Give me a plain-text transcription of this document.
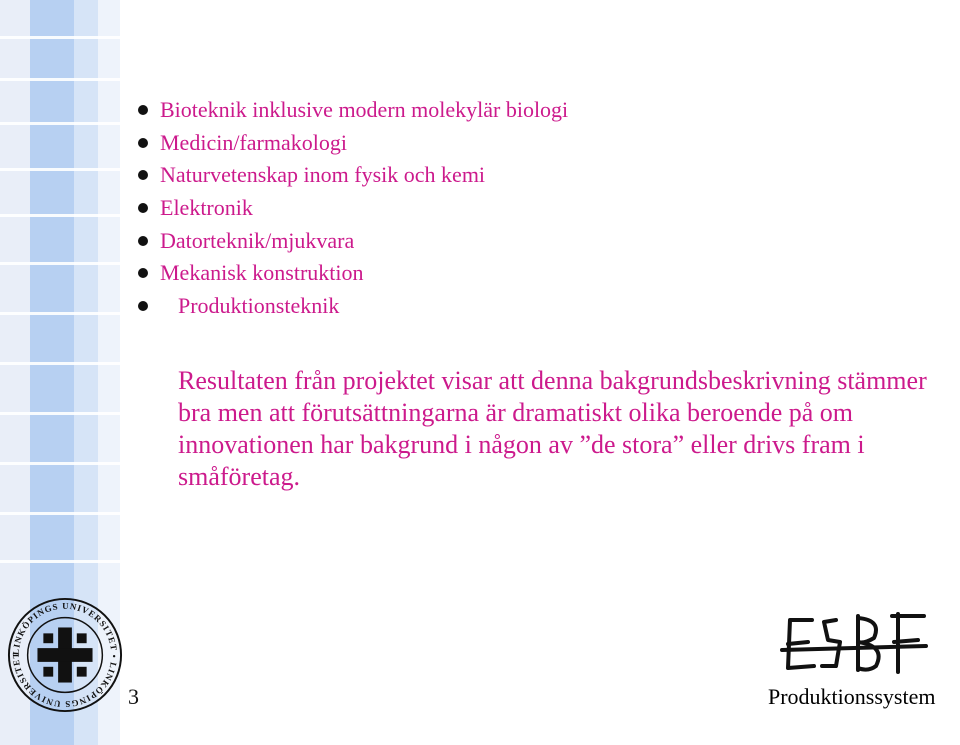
Bioteknik inklusive modern molekylär biologi
Medicin/farmakologi
Naturvetenskap inom fysik och kemi
Elektronik
Datorteknik/mjukvara
Mekanisk konstruktion
Produktionsteknik

Resultaten från projektet visar att denna bakgrundsbeskrivning stämmer bra men att förutsättningarna är dramatiskt olika beroende på om innovationen har bakgrund i någon av ”de stora” eller drivs fram i småföretag.

LINKÖPINGS UNIVERSITET • LINKÖPINGS UNIVERSITET
3	Produktionssystem
